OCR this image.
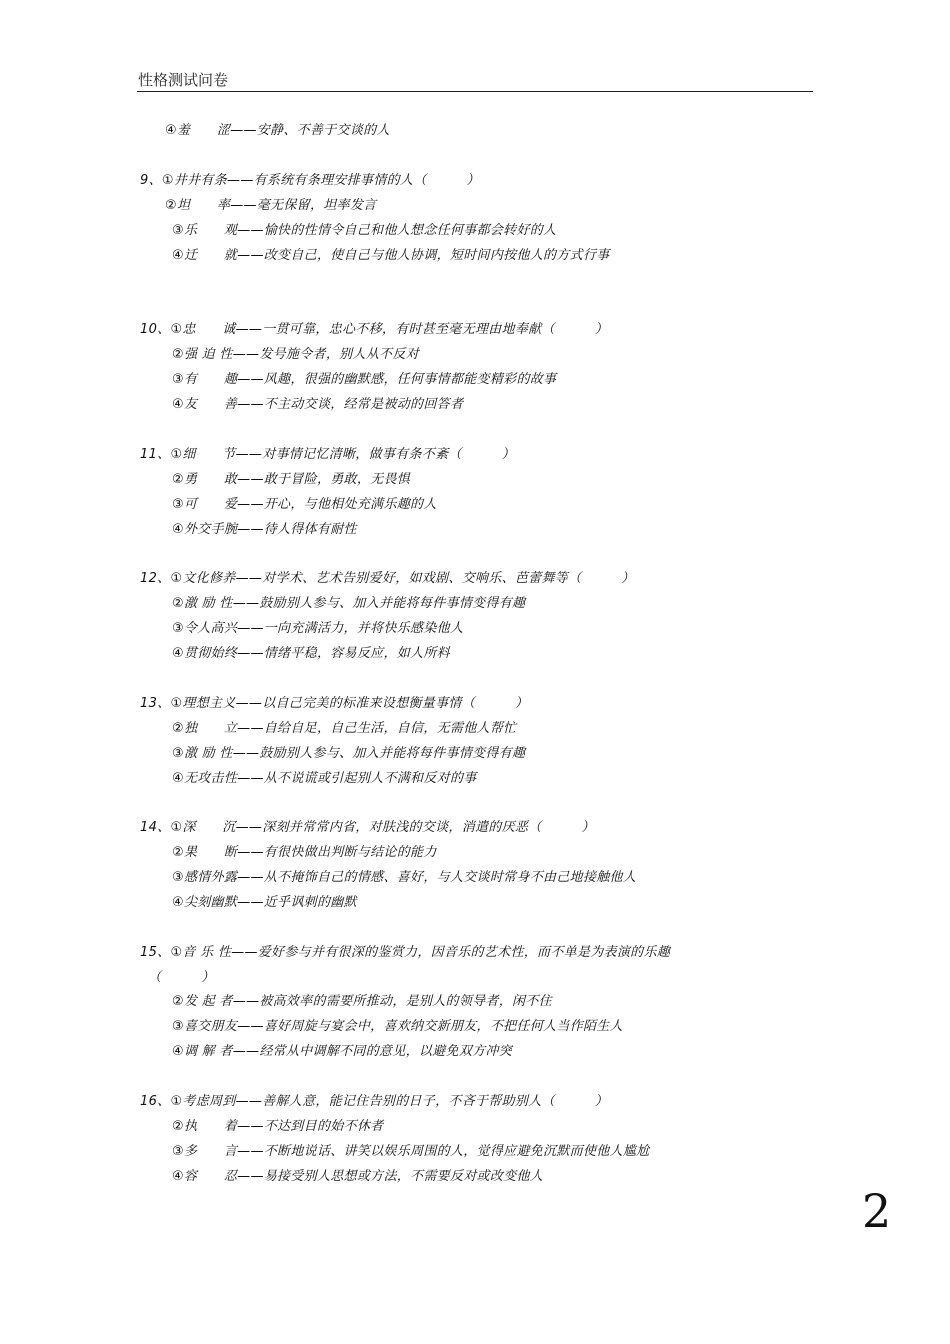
性格测试问卷
④羞　　涩——安静、不善于交谈的人
9、①井井有条——有系统有条理安排事情的人（　　　）
②坦　　率——毫无保留，坦率发言
③乐　　观——愉快的性情令自己和他人想念任何事都会转好的人
④迁　　就——改变自己，使自己与他人协调，短时间内按他人的方式行事
10、①忠　　诚——一贯可靠，忠心不移，有时甚至毫无理由地奉献（　　　）
②强 迫 性——发号施令者，别人从不反对
③有　　趣——风趣，很强的幽默感，任何事情都能变精彩的故事
④友　　善——不主动交谈，经常是被动的回答者
11、①细　　节——对事情记忆清晰，做事有条不紊（　　　）
②勇　　敢——敢于冒险，勇敢，无畏惧
③可　　爱——开心，与他相处充满乐趣的人
④外交手腕——待人得体有耐性
12、①文化修养——对学术、艺术告别爱好，如戏剧、交响乐、芭蕾舞等（　　　）
②激 励 性——鼓励别人参与、加入并能将每件事情变得有趣
③令人高兴——一向充满活力，并将快乐感染他人
④贯彻始终——情绪平稳，容易反应，如人所料
13、①理想主义——以自己完美的标准来设想衡量事情（　　　）
②独　　立——自给自足，自己生活，自信，无需他人帮忙
③激 励 性——鼓励别人参与、加入并能将每件事情变得有趣
④无攻击性——从不说谎或引起别人不满和反对的事
14、①深　　沉——深刻并常常内省，对肤浅的交谈，消遣的厌恶（　　　）
②果　　断——有很快做出判断与结论的能力
③感情外露——从不掩饰自己的情感、喜好，与人交谈时常身不由己地接触他人
④尖刻幽默——近乎讽刺的幽默
15、①音 乐 性——爱好参与并有很深的鉴赏力，因音乐的艺术性，而不单是为表演的乐趣
（　　　）
②发 起 者——被高效率的需要所推动，是别人的领导者，闲不住
③喜交朋友——喜好周旋与宴会中，喜欢纳交新朋友，不把任何人当作陌生人
④调 解 者——经常从中调解不同的意见，以避免双方冲突
16、①考虑周到——善解人意，能记住告别的日子，不吝于帮助别人（　　　）
②执　　着——不达到目的始不休者
③多　　言——不断地说话、讲笑以娱乐周围的人，觉得应避免沉默而使他人尴尬
④容　　忍——易接受别人思想或方法，不需要反对或改变他人
2
